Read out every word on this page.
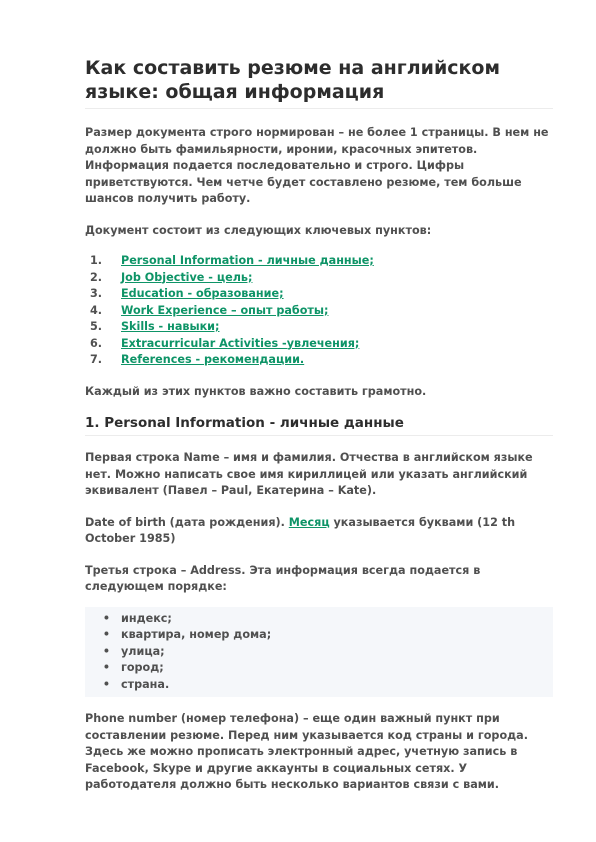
Как составить резюме на английском языке: общая информация

Размер документа строго нормирован – не более 1 страницы. В нем не должно быть фамильярности, иронии, красочных эпитетов. Информация подается последовательно и строго. Цифры приветствуются. Чем четче будет составлено резюме, тем больше шансов получить работу.

Документ состоит из следующих ключевых пунктов:

1. Personal Information - личные данные;
2. Job Objective - цель;
3. Education - образование;
4. Work Experience – опыт работы;
5. Skills - навыки;
6. Extracurricular Activities -увлечения;
7. References - рекомендации.

Каждый из этих пунктов важно составить грамотно.

1. Personal Information - личные данные

Первая строка Name – имя и фамилия. Отчества в английском языке нет. Можно написать свое имя кириллицей или указать английский эквивалент (Павел – Paul, Екатерина – Kate).

Date of birth (дата рождения). Месяц указывается буквами (12 th October 1985)

Третья строка – Address. Эта информация всегда подается в следующем порядке:

• индекс;
• квартира, номер дома;
• улица;
• город;
• страна.

Phone number (номер телефона) – еще один важный пункт при составлении резюме. Перед ним указывается код страны и города. Здесь же можно прописать электронный адрес, учетную запись в Facebook, Skype и другие аккаунты в социальных сетях. У работодателя должно быть несколько вариантов связи с вами.
